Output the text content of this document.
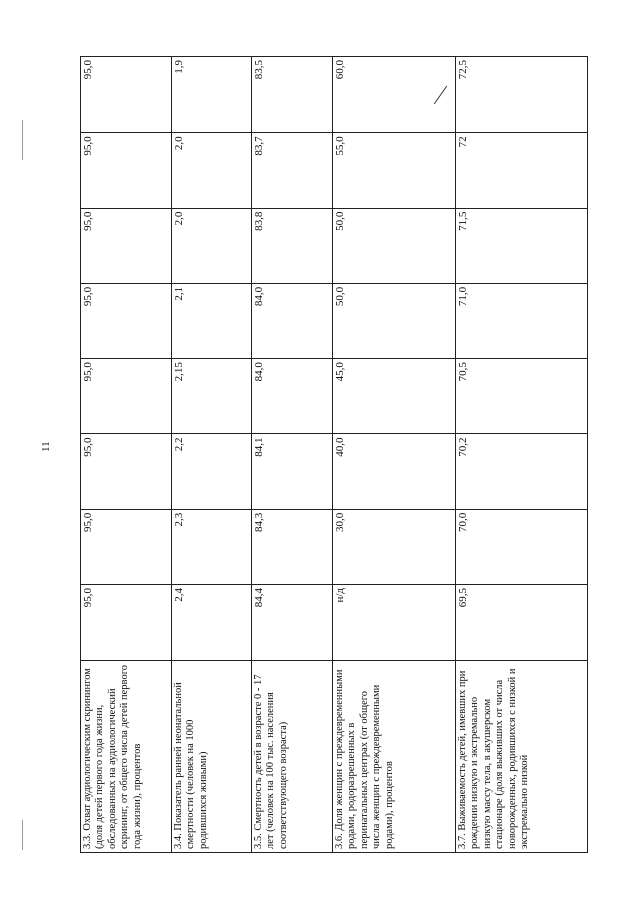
11
3.3. Охват аудиологическим скринингом (доля детей первого года жизни, обследованных на аудиологический скрининг, от общего числа детей первого года жизни), процентов	95,0	95,0	95,0	95,0	95,0	95,0	95,0	95,0
3.4. Показатель ранней неонатальной смертности (человек на 1000 родившихся живыми)	2,4	2,3	2,2	2,15	2,1	2,0	2,0	1,9
3.5. Смертность детей в возрасте 0 - 17 лет (человек на 100 тыс. населения соответствующего возраста)	84,4	84,3	84,1	84,0	84,0	83,8	83,7	83,5
3.6. Доля женщин с преждевременными родами, родоразрешенных в перинатальных центрах (от общего числа женщин с преждевременными родами), процентов	н/д	30,0	40,0	45,0	50,0	50,0	55,0	60,0
3.7. Выживаемость детей, имевших при рождении низкую и экстремально низкую массу тела, в акушерском стационаре (доля выживших от числа новорожденных, родившихся с низкой и экстремально низкой	69,5	70,0	70,2	70,5	71,0	71,5	72	72,5
